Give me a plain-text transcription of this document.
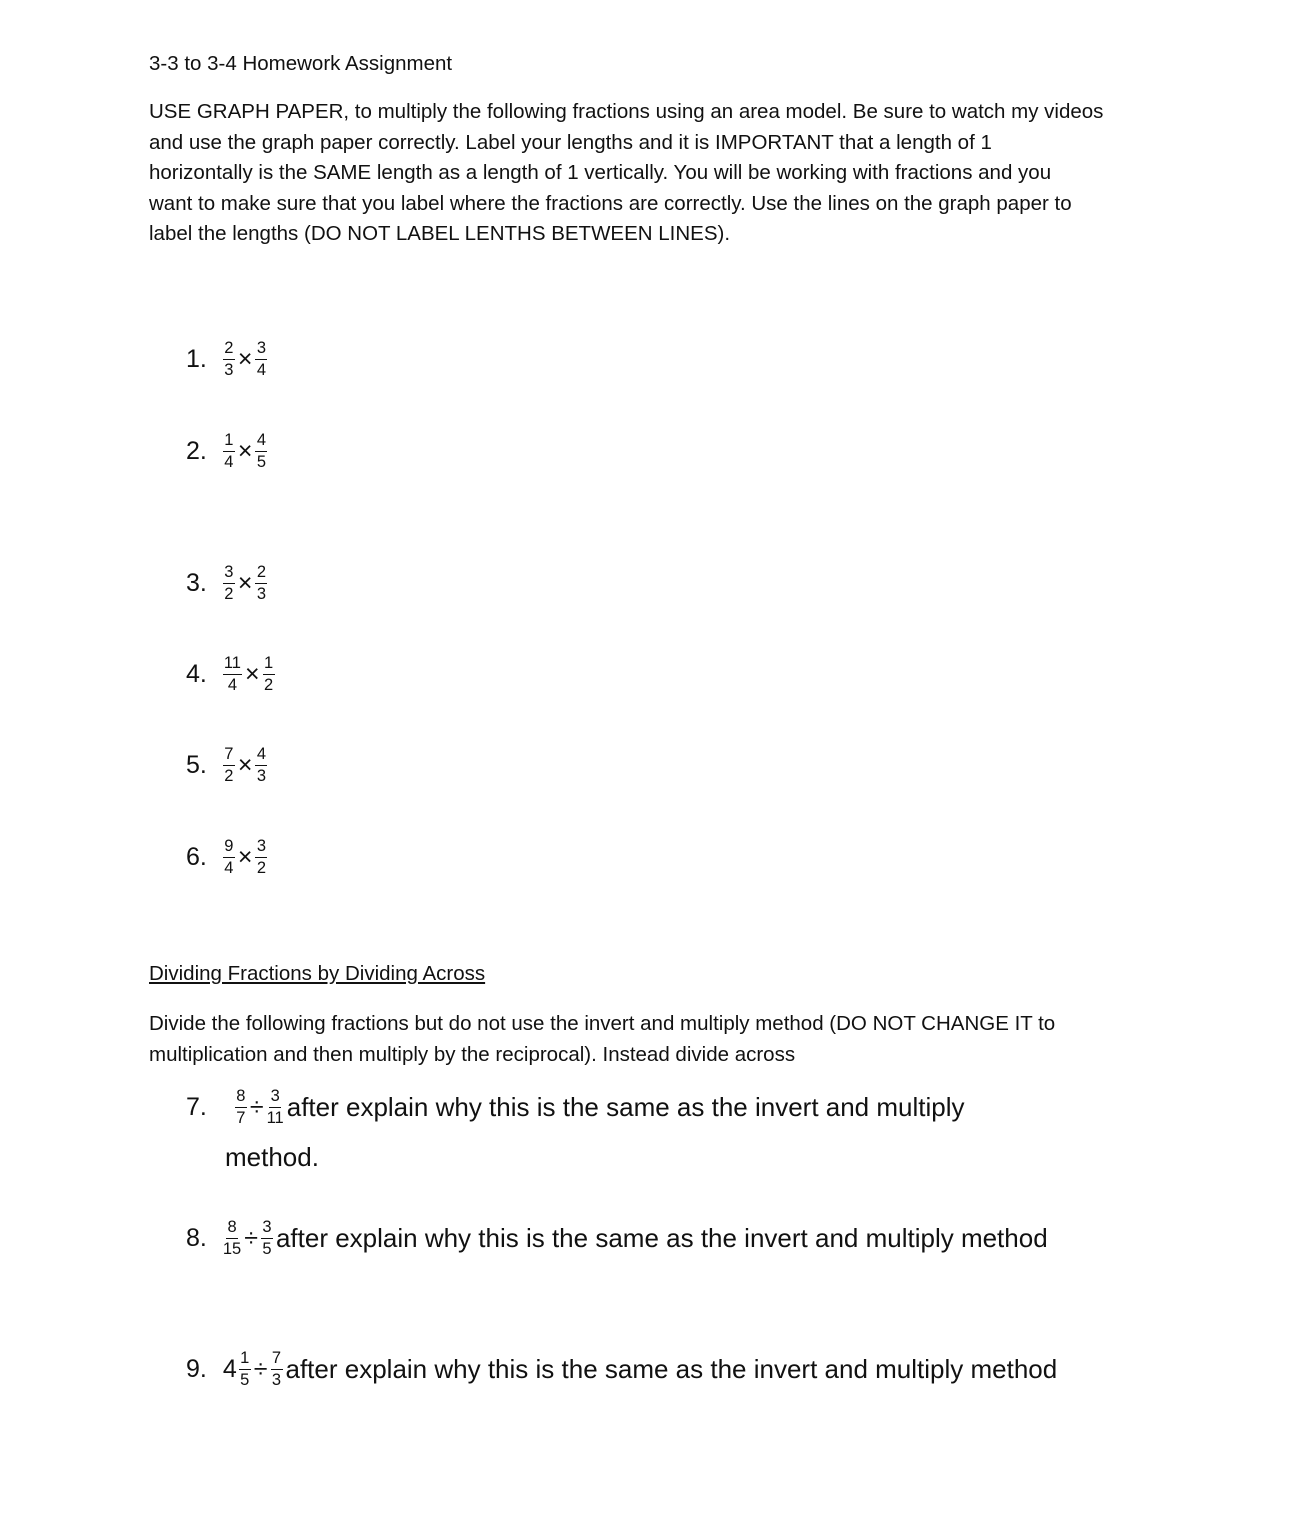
3-3 to 3-4 Homework Assignment
USE GRAPH PAPER, to multiply the following fractions using an area model. Be sure to watch my videos
and use the graph paper correctly. Label your lengths and it is IMPORTANT that a length of 1
horizontally is the SAME length as a length of 1 vertically. You will be working with fractions and you
want to make sure that you label where the fractions are correctly. Use the lines on the graph paper to
label the lengths (DO NOT LABEL LENTHS BETWEEN LINES).
1. $\frac{2}{3} \times \frac{3}{4}$
2. $\frac{1}{4} \times \frac{4}{5}$
3. $\frac{3}{2} \times \frac{2}{3}$
4. $\frac{11}{4} \times \frac{1}{2}$
5. $\frac{7}{2} \times \frac{4}{3}$
6. $\frac{9}{4} \times \frac{3}{2}$
Dividing Fractions by Dividing Across
Divide the following fractions but do not use the invert and multiply method (DO NOT CHANGE IT to
multiplication and then multiply by the reciprocal). Instead divide across
7. $\frac{8}{7} \div \frac{3}{11}$ after explain why this is the same as the invert and multiply
method.
8. $\frac{8}{15} \div \frac{3}{5}$ after explain why this is the same as the invert and multiply method
9. $4 \frac{1}{5} \div \frac{7}{3}$ after explain why this is the same as the invert and multiply method
